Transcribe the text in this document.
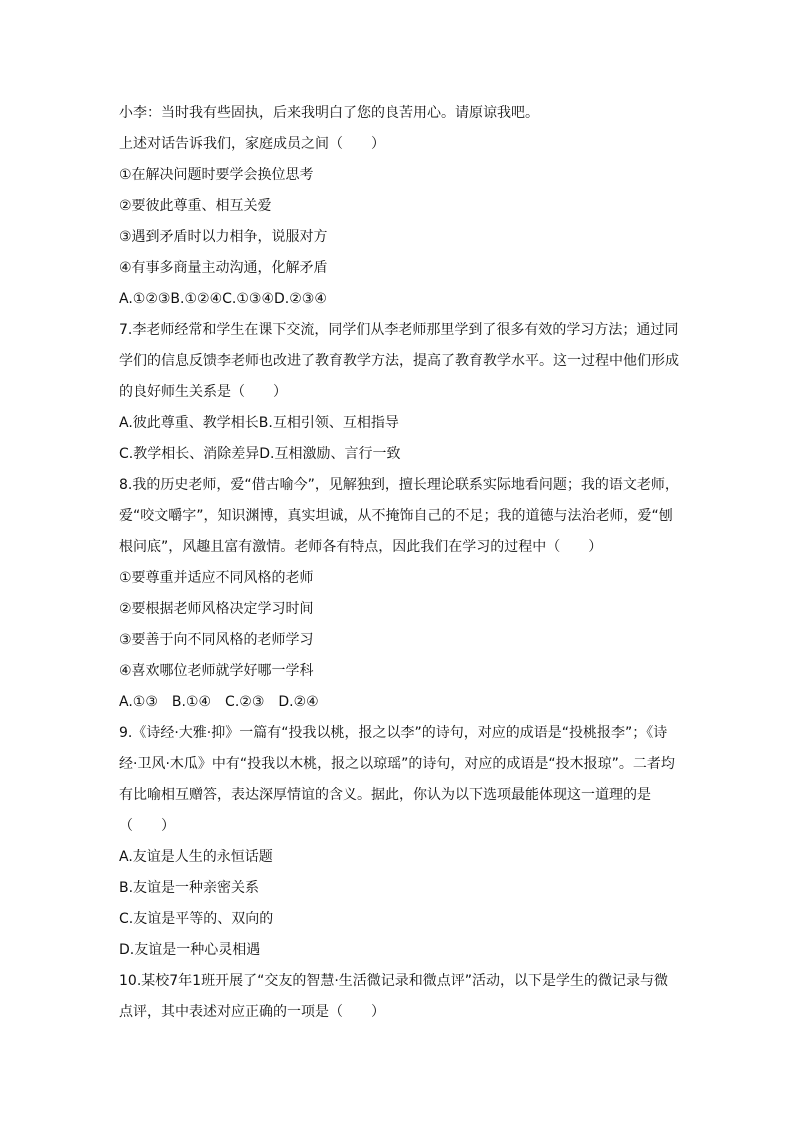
小李：当时我有些固执，后来我明白了您的良苦用心。请原谅我吧。
上述对话告诉我们，家庭成员之间（　　）
①在解决问题时要学会换位思考
②要彼此尊重、相互关爱
③遇到矛盾时以力相争，说服对方
④有事多商量主动沟通，化解矛盾
A.①②③B.①②④C.①③④D.②③④
7.李老师经常和学生在课下交流，同学们从李老师那里学到了很多有效的学习方法；通过同
学们的信息反馈李老师也改进了教育教学方法，提高了教育教学水平。这一过程中他们形成
的良好师生关系是（　　）
A.彼此尊重、教学相长B.互相引领、互相指导
C.教学相长、消除差异D.互相激励、言行一致
8.我的历史老师，爱“借古喻今”，见解独到，擅长理论联系实际地看问题；我的语文老师，
爱“咬文嚼字”，知识渊博，真实坦诚，从不掩饰自己的不足；我的道德与法治老师，爱“刨
根问底”，风趣且富有激情。老师各有特点，因此我们在学习的过程中（　　）
①要尊重并适应不同风格的老师
②要根据老师风格决定学习时间
③要善于向不同风格的老师学习
④喜欢哪位老师就学好哪一学科
A.①③　B.①④　C.②③　D.②④
9.《诗经·大雅·抑》一篇有“投我以桃，报之以李”的诗句，对应的成语是“投桃报李”；《诗
经·卫风·木瓜》中有“投我以木桃，报之以琼瑶”的诗句，对应的成语是“投木报琼”。二者均
有比喻相互赠答，表达深厚情谊的含义。据此，你认为以下选项最能体现这一道理的是
（　　）
A.友谊是人生的永恒话题
B.友谊是一种亲密关系
C.友谊是平等的、双向的
D.友谊是一种心灵相遇
10.某校7年1班开展了“交友的智慧·生活微记录和微点评”活动，以下是学生的微记录与微
点评，其中表述对应正确的一项是（　　）
